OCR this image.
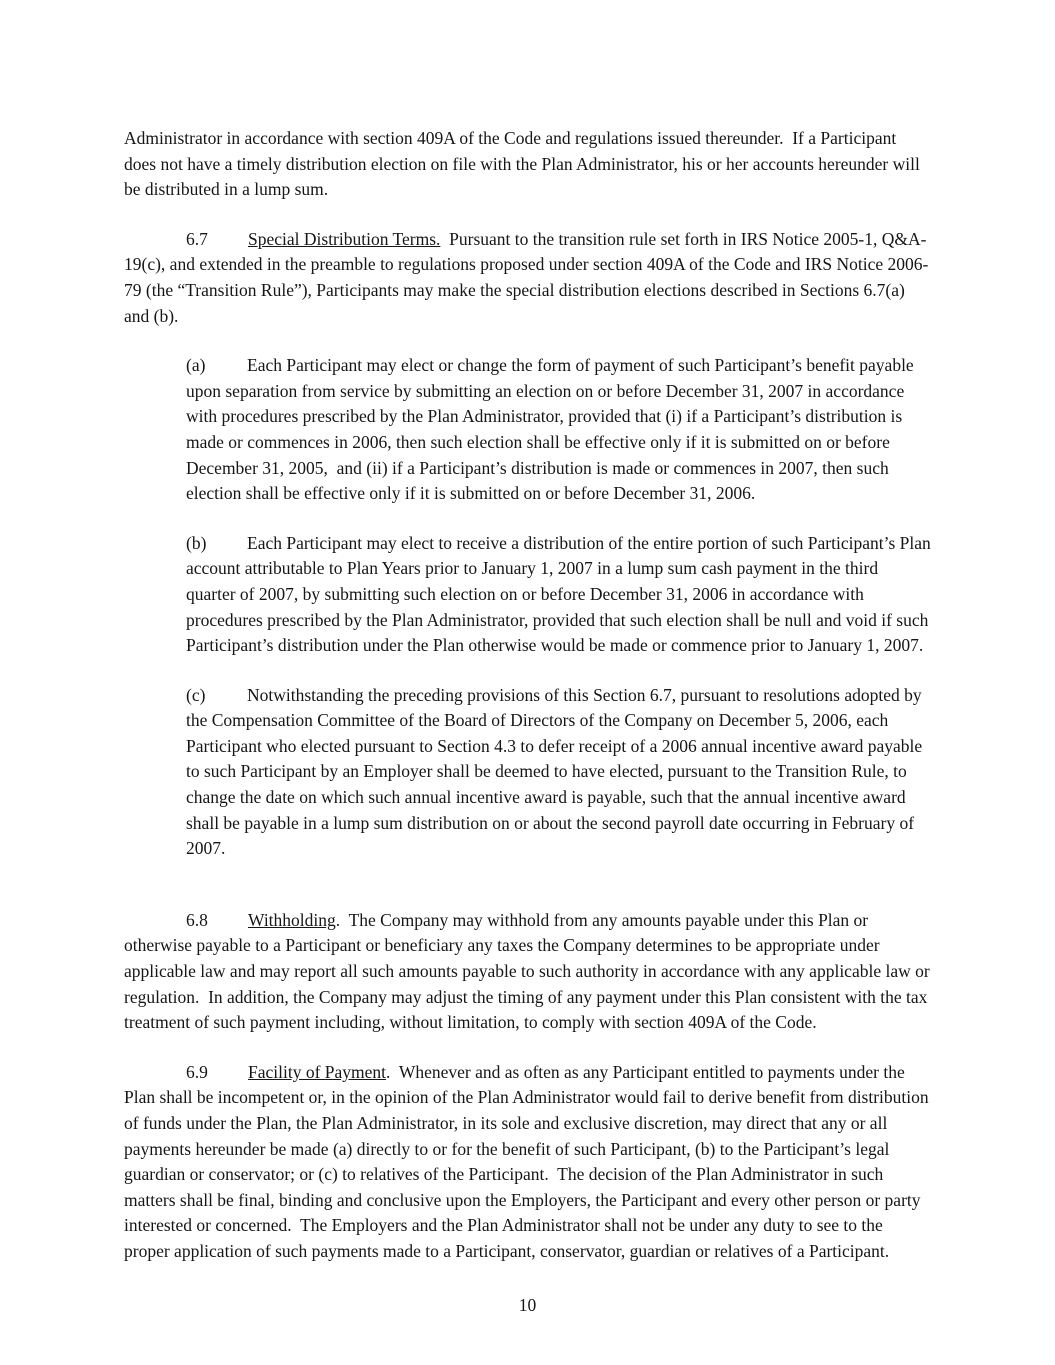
Administrator in accordance with section 409A of the Code and regulations issued thereunder.  If a Participant does not have a timely distribution election on file with the Plan Administrator, his or her accounts hereunder will be distributed in a lump sum.

6.7 Special Distribution Terms.  Pursuant to the transition rule set forth in IRS Notice 2005-1, Q&A-19(c), and extended in the preamble to regulations proposed under section 409A of the Code and IRS Notice 2006-79 (the “Transition Rule”), Participants may make the special distribution elections described in Sections 6.7(a) and (b).

(a) Each Participant may elect or change the form of payment of such Participant’s benefit payable upon separation from service by submitting an election on or before December 31, 2007 in accordance with procedures prescribed by the Plan Administrator, provided that (i) if a Participant’s distribution is made or commences in 2006, then such election shall be effective only if it is submitted on or before December 31, 2005,  and (ii) if a Participant’s distribution is made or commences in 2007, then such election shall be effective only if it is submitted on or before December 31, 2006.
(b) Each Participant may elect to receive a distribution of the entire portion of such Participant’s Plan account attributable to Plan Years prior to January 1, 2007 in a lump sum cash payment in the third quarter of 2007, by submitting such election on or before December 31, 2006 in accordance with procedures prescribed by the Plan Administrator, provided that such election shall be null and void if such Participant’s distribution under the Plan otherwise would be made or commence prior to January 1, 2007.
(c) Notwithstanding the preceding provisions of this Section 6.7, pursuant to resolutions adopted by the Compensation Committee of the Board of Directors of the Company on December 5, 2006, each Participant who elected pursuant to Section 4.3 to defer receipt of a 2006 annual incentive award payable to such Participant by an Employer shall be deemed to have elected, pursuant to the Transition Rule, to change the date on which such annual incentive award is payable, such that the annual incentive award shall be payable in a lump sum distribution on or about the second payroll date occurring in February of 2007.

6.8 Withholding.  The Company may withhold from any amounts payable under this Plan or otherwise payable to a Participant or beneficiary any taxes the Company determines to be appropriate under applicable law and may report all such amounts payable to such authority in accordance with any applicable law or regulation.  In addition, the Company may adjust the timing of any payment under this Plan consistent with the tax treatment of such payment including, without limitation, to comply with section 409A of the Code.

6.9 Facility of Payment.  Whenever and as often as any Participant entitled to payments under the Plan shall be incompetent or, in the opinion of the Plan Administrator would fail to derive benefit from distribution of funds under the Plan, the Plan Administrator, in its sole and exclusive discretion, may direct that any or all payments hereunder be made (a) directly to or for the benefit of such Participant, (b) to the Participant’s legal guardian or conservator; or (c) to relatives of the Participant.  The decision of the Plan Administrator in such matters shall be final, binding and conclusive upon the Employers, the Participant and every other person or party interested or concerned.  The Employers and the Plan Administrator shall not be under any duty to see to the proper application of such payments made to a Participant, conservator, guardian or relatives of a Participant.

10
